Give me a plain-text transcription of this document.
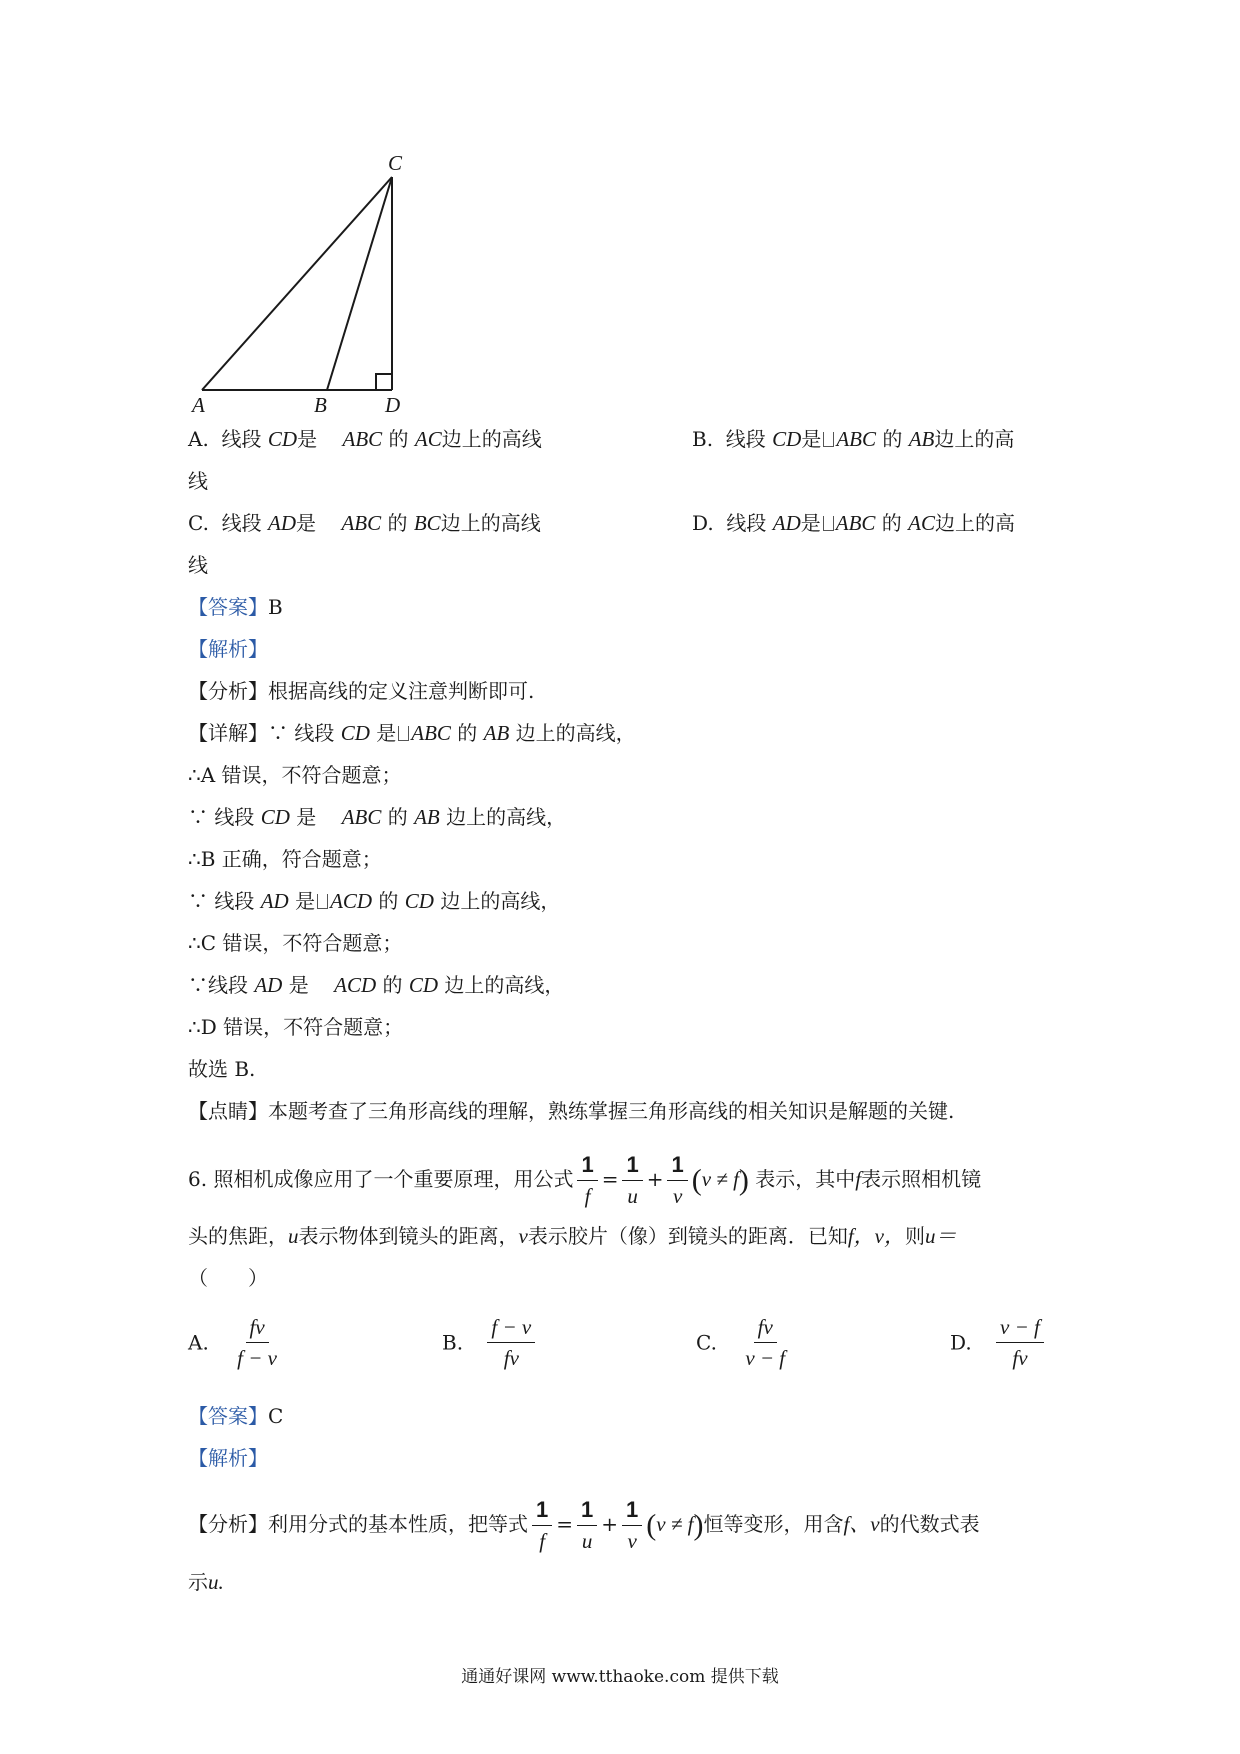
C
A	B	D
A. 线段 CD是 ABC 的 AC边上的高线	B. 线段 CD是 ABC 的 AB边上的高
线
C. 线段 AD是 ABC 的 BC边上的高线	D. 线段 AD是 ABC 的 AC边上的高
线
【答案】B
【解析】
【分析】根据高线的定义注意判断即可.
【详解】∵ 线段 CD 是 ABC 的 AB 边上的高线，
∴A 错误，不符合题意；
∵ 线段 CD 是    ABC 的 AB 边上的高线，
∴B 正确，符合题意；
∵ 线段 AD 是 ACD 的 CD 边上的高线，
∴C 错误，不符合题意；
∵线段 AD 是    ACD 的 CD 边上的高线，
∴D 错误，不符合题意；
故选 B.
【点睛】本题考查了三角形高线的理解，熟练掌握三角形高线的相关知识是解题的关键.
6. 照相机成像应用了一个重要原理，用公式 $\frac{1}{f} = \frac{1}{u} + \frac{1}{v} (v \ne f)$ 表示，其中f表示照相机镜
头的焦距，u表示物体到镜头的距离，v表示胶片（像）到镜头的距离．已知f，v，则u＝
（　　）
A. $\frac{fv}{f - v}$	B. $\frac{f - v}{fv}$	C. $\frac{fv}{v - f}$	D. $\frac{v - f}{fv}$
【答案】C
【解析】
【分析】利用分式的基本性质，把等式 $\frac{1}{f} = \frac{1}{u} + \frac{1}{v} (v \ne f)$恒等变形，用含f、v的代数式表
示u.
通通好课网 www.tthaoke.com 提供下载
